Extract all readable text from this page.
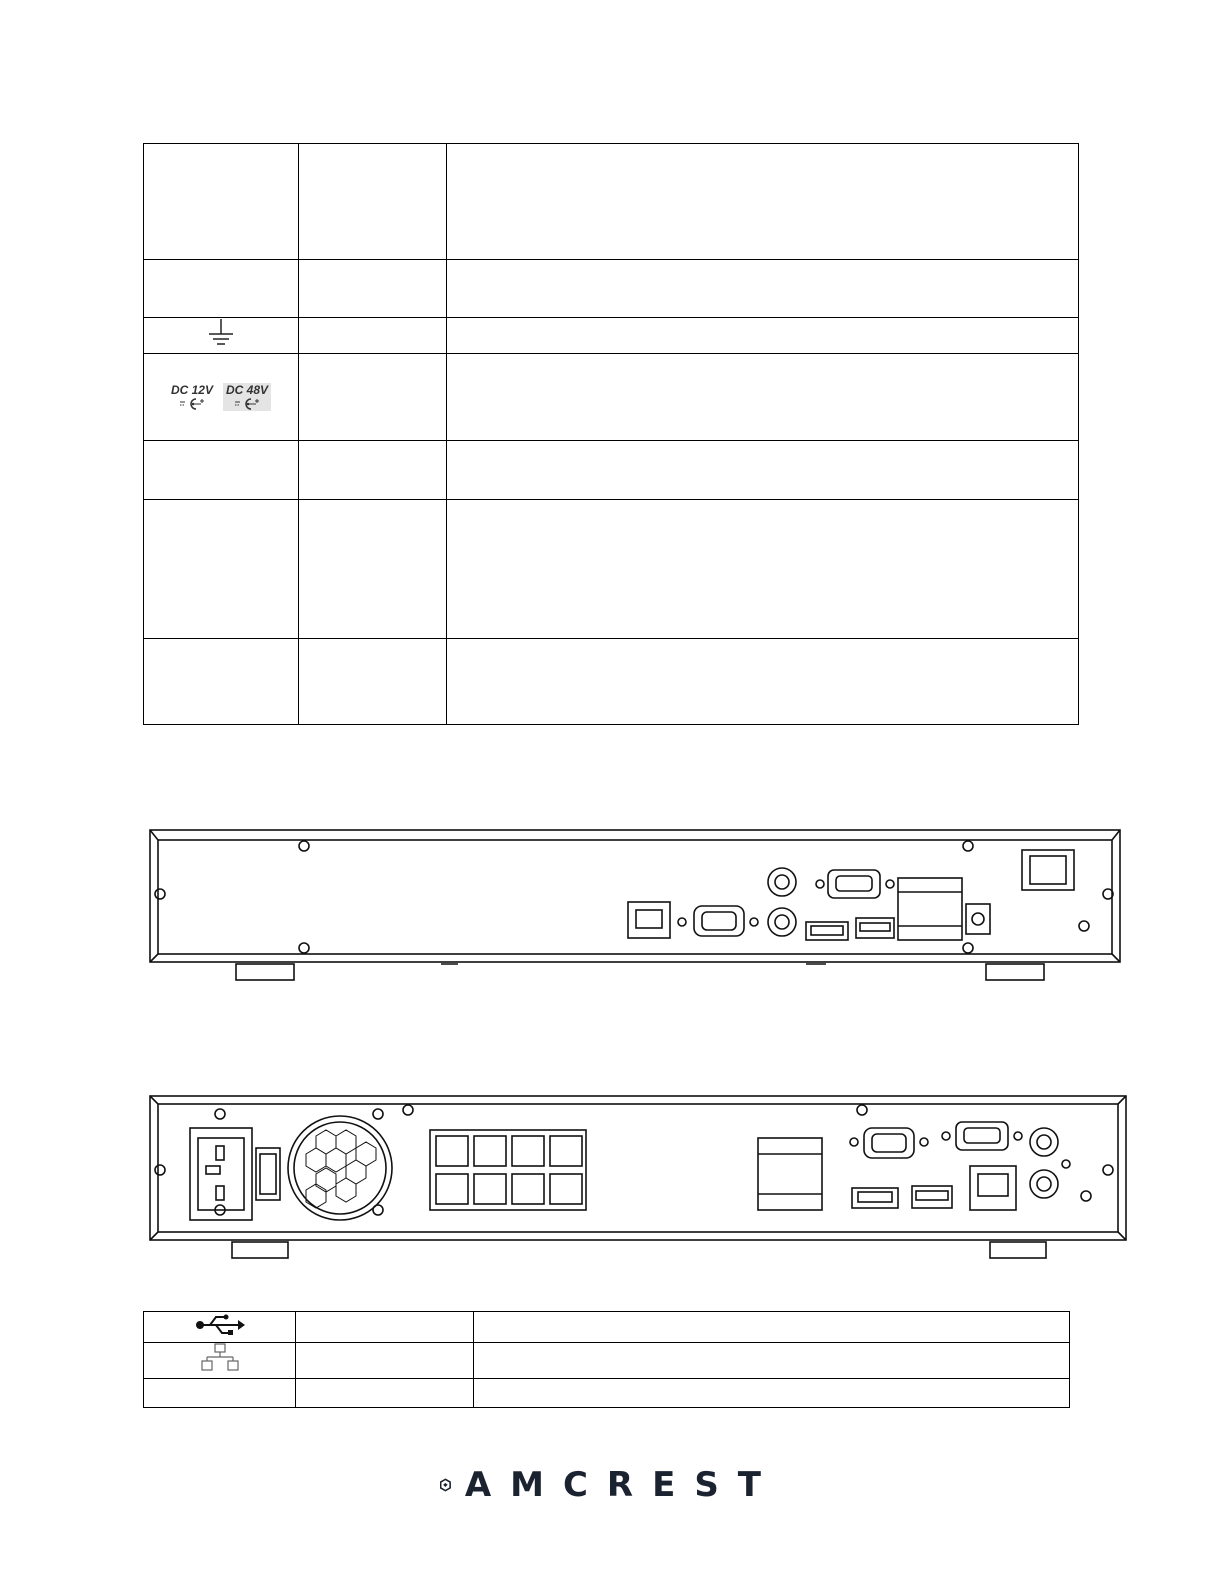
DC 12V DC 48V		

AMCREST
